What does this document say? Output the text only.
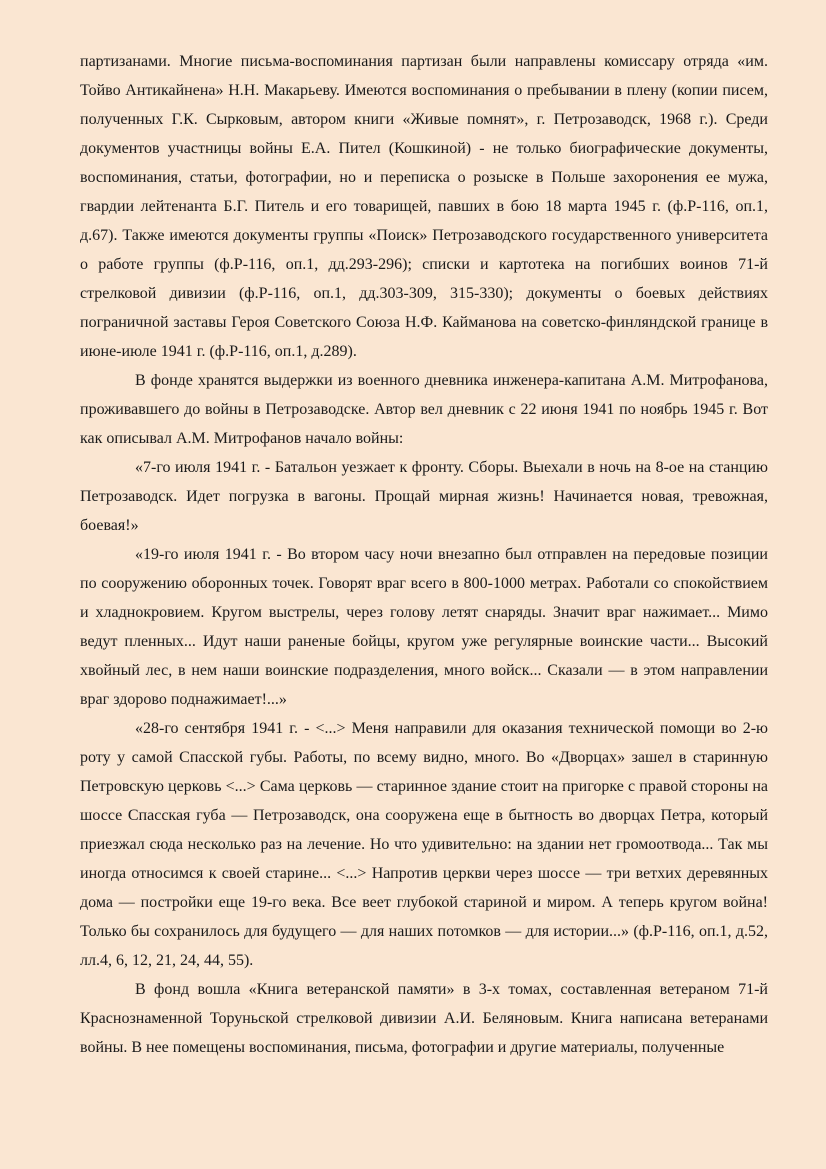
партизанами. Многие письма-воспоминания партизан были направлены комиссару отряда «им. Тойво Антикайнена» Н.Н. Макарьеву. Имеются воспоминания о пребывании в плену (копии писем, полученных Г.К. Сырковым, автором книги «Живые помнят», г. Петрозаводск, 1968 г.). Среди документов участницы войны Е.А. Пител (Кошкиной) - не только биографические документы, воспоминания, статьи, фотографии, но и переписка о розыске в Польше захоронения ее мужа, гвардии лейтенанта Б.Г. Питель и его товарищей, павших в бою 18 марта 1945 г. (ф.Р-116, оп.1, д.67). Также имеются документы группы «Поиск» Петрозаводского государственного университета о работе группы (ф.Р-116, оп.1, дд.293-296); списки и картотека на погибших воинов 71-й стрелковой дивизии (ф.Р-116, оп.1, дд.303-309, 315-330); документы о боевых действиях пограничной заставы Героя Советского Союза Н.Ф. Кайманова на советско-финляндской границе в июне-июле 1941 г. (ф.Р-116, оп.1, д.289).

В фонде хранятся выдержки из военного дневника инженера-капитана А.М. Митрофанова, проживавшего до войны в Петрозаводске. Автор вел дневник с 22 июня 1941 по ноябрь 1945 г. Вот как описывал А.М. Митрофанов начало войны:

«7-го июля 1941 г. - Батальон уезжает к фронту. Сборы. Выехали в ночь на 8-ое на станцию Петрозаводск. Идет погрузка в вагоны. Прощай мирная жизнь! Начинается новая, тревожная, боевая!»

«19-го июля 1941 г. - Во втором часу ночи внезапно был отправлен на передовые позиции по сооружению оборонных точек. Говорят враг всего в 800-1000 метрах. Работали со спокойствием и хладнокровием. Кругом выстрелы, через голову летят снаряды. Значит враг нажимает... Мимо ведут пленных... Идут наши раненые бойцы, кругом уже регулярные воинские части... Высокий хвойный лес, в нем наши воинские подразделения, много войск... Сказали — в этом направлении враг здорово поднажимает!...»

«28-го сентября 1941 г. - <...> Меня направили для оказания технической помощи во 2-ю роту у самой Спасской губы. Работы, по всему видно, много. Во «Дворцах» зашел в старинную Петровскую церковь <...> Сама церковь — старинное здание стоит на пригорке с правой стороны на шоссе Спасская губа — Петрозаводск, она сооружена еще в бытность во дворцах Петра, который приезжал сюда несколько раз на лечение. Но что удивительно: на здании нет громоотвода... Так мы иногда относимся к своей старине... <...> Напротив церкви через шоссе — три ветхих деревянных дома — постройки еще 19-го века. Все веет глубокой стариной и миром. А теперь кругом война! Только бы сохранилось для будущего — для наших потомков — для истории...» (ф.Р-116, оп.1, д.52, лл.4, 6, 12, 21, 24, 44, 55).

В фонд вошла «Книга ветеранской памяти» в 3-х томах, составленная ветераном 71-й Краснознаменной Торуньской стрелковой дивизии А.И. Беляновым. Книга написана ветеранами войны. В нее помещены воспоминания, письма, фотографии и другие материалы, полученные
